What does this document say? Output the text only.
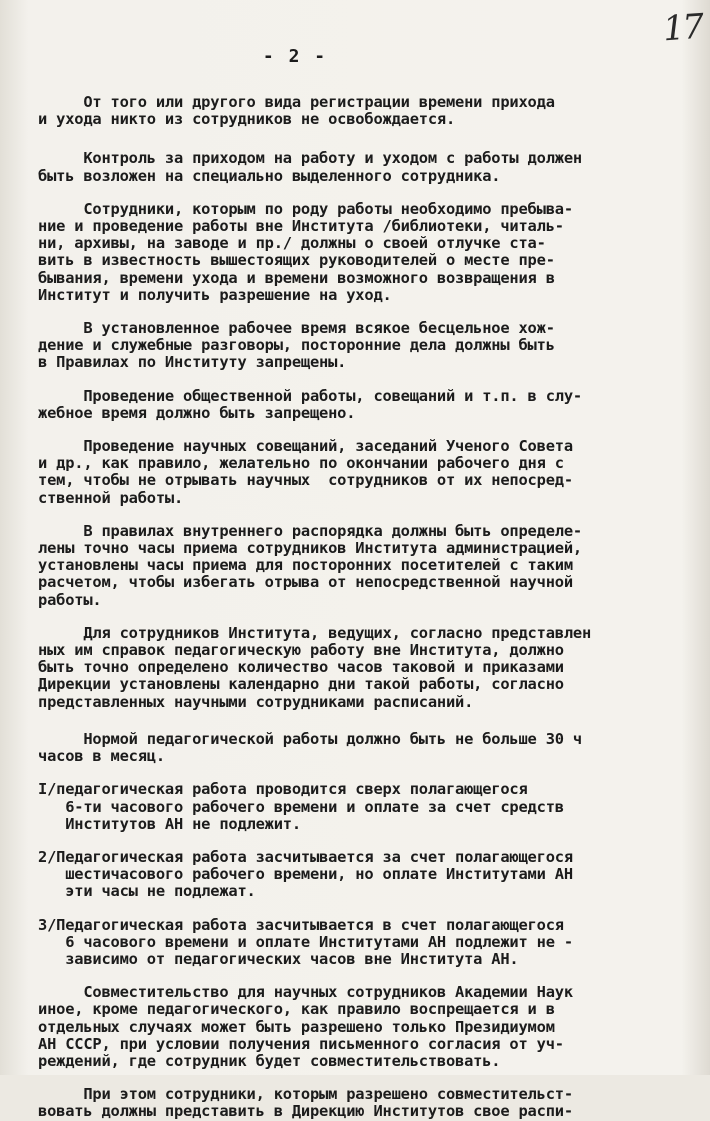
17
- 2 -
От того или другого вида регистрации времени прихода
и ухода никто из сотрудников не освобождается.
Контроль за приходом на работу и уходом с работы должен
быть возложен на специально выделенного сотрудника.
Сотрудники, которым по роду работы необходимо пребыва-
ние и проведение работы вне Института /библиотеки, читаль-
ни, архивы, на заводе и пр./ должны о своей отлучке ста-
вить в известность вышестоящих руководителей о месте пре-
бывания, времени ухода и времени возможного возвращения в
Институт и получить разрешение на уход.
В установленное рабочее время всякое бесцельное хож-
дение и служебные разговоры, посторонние дела должны быть
в Правилах по Институту запрещены.
Проведение общественной работы, совещаний и т.п. в слу-
жебное время должно быть запрещено.
Проведение научных совещаний, заседаний Ученого Совета
и др., как правило, желательно по окончании рабочего дня с
тем, чтобы не отрывать научных  сотрудников от их непосред-
ственной работы.
В правилах внутреннего распорядка должны быть определе-
лены точно часы приема сотрудников Института администрацией,
установлены часы приема для посторонних посетителей с таким
расчетом, чтобы избегать отрыва от непосредственной научной
работы.
Для сотрудников Института, ведущих, согласно представлен
ных им справок педагогическую работу вне Института, должно
быть точно определено количество часов таковой и приказами
Дирекции установлены календарно дни такой работы, согласно
представленных научными сотрудниками расписаний.
Нормой педагогической работы должно быть не больше 30 ч
часов в месяц.
I/педагогическая работа проводится сверх полагающегося
6-ти часового рабочего времени и оплате за счет средств
Институтов АН не подлежит.
2/Педагогическая работа засчитывается за счет полагающегося
шестичасового рабочего времени, но оплате Институтами АН
эти часы не подлежат.
3/Педагогическая работа засчитывается в счет полагающегося
6 часового времени и оплате Институтами АН подлежит не -
зависимо от педагогических часов вне Института АН.
Совместительство для научных сотрудников Академии Наук
иное, кроме педагогического, как правило воспрещается и в
отдельных случаях может быть разрешено только Президиумом
АН СССР, при условии получения письменного согласия от уч-
реждений, где сотрудник будет совместительствовать.
При этом сотрудники, которым разрешено совместительст-
вовать должны представить в Дирекцию Институтов свое распи-
